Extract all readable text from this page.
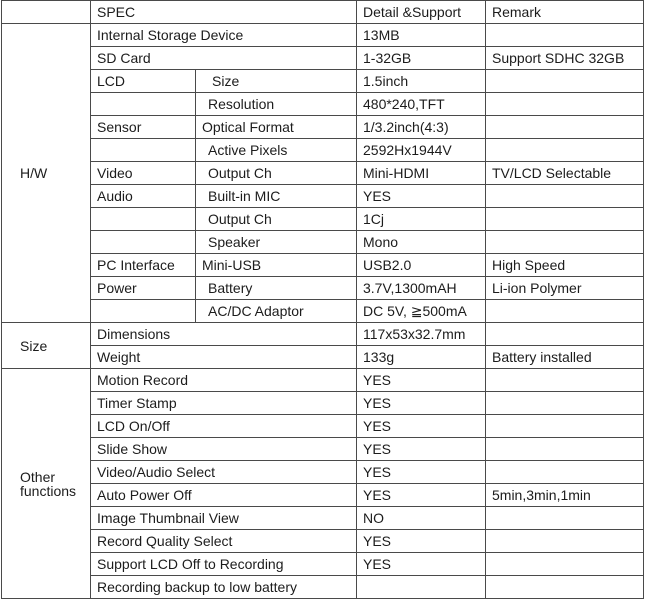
	SPEC		Detail &Support	Remark
H/W	Internal Storage Device		13MB	
	SD Card		1-32GB	Support SDHC 32GB
	LCD	Size	1.5inch	
		Resolution	480*240,TFT	
	Sensor	Optical Format	1/3.2inch(4:3)	
		Active Pixels	2592Hx1944V	
	Video	Output Ch	Mini-HDMI	TV/LCD Selectable
	Audio	Built-in MIC	YES	
		Output Ch	1Cj	
		Speaker	Mono	
	PC Interface	Mini-USB	USB2.0	High Speed
	Power	Battery	3.7V,1300mAH	Li-ion Polymer
		AC/DC Adaptor	DC 5V, ≧500mA	
Size	Dimensions		117x53x32.7mm	
	Weight		133g	Battery installed
Other
functions	Motion Record		YES	
	Timer Stamp		YES	
	LCD On/Off		YES	
	Slide Show		YES	
	Video/Audio Select		YES	
	Auto Power Off		YES	5min,3min,1min
	Image Thumbnail View		NO	
	Record Quality Select		YES	
	Support LCD Off to Recording		YES	
	Recording backup to low battery			
